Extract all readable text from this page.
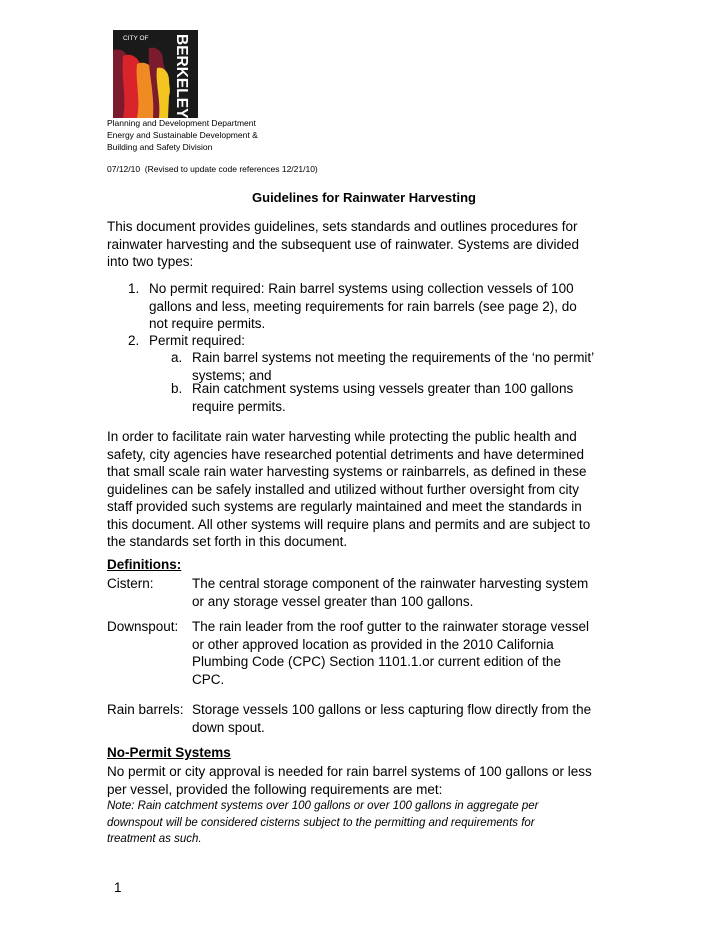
CITY OF BERKELEY
Planning and Development Department
Energy and Sustainable Development &
Building and Safety Division
07/12/10  (Revised to update code references 12/21/10)
Guidelines for Rainwater Harvesting
This document provides guidelines, sets standards and outlines procedures for
rainwater harvesting and the subsequent use of rainwater. Systems are divided
into two types:
1. No permit required: Rain barrel systems using collection vessels of 100
gallons and less, meeting requirements for rain barrels (see page 2), do
not require permits.
2. Permit required:
a. Rain barrel systems not meeting the requirements of the ‘no permit’
systems; and
b. Rain catchment systems using vessels greater than 100 gallons
require permits.
In order to facilitate rain water harvesting while protecting the public health and
safety, city agencies have researched potential detriments and have determined
that small scale rain water harvesting systems or rainbarrels, as defined in these
guidelines can be safely installed and utilized without further oversight from city
staff provided such systems are regularly maintained and meet the standards in
this document. All other systems will require plans and permits and are subject to
the standards set forth in this document.
Definitions:
Cistern:	The central storage component of the rainwater harvesting system
or any storage vessel greater than 100 gallons.
Downspout: The rain leader from the roof gutter to the rainwater storage vessel
or other approved location as provided in the 2010 California
Plumbing Code (CPC) Section 1101.1.or current edition of the
CPC.
Rain barrels: Storage vessels 100 gallons or less capturing flow directly from the
down spout.
No-Permit Systems
No permit or city approval is needed for rain barrel systems of 100 gallons or less
per vessel, provided the following requirements are met:
Note: Rain catchment systems over 100 gallons or over 100 gallons in aggregate per
downspout will be considered cisterns subject to the permitting and requirements for
treatment as such.
1
